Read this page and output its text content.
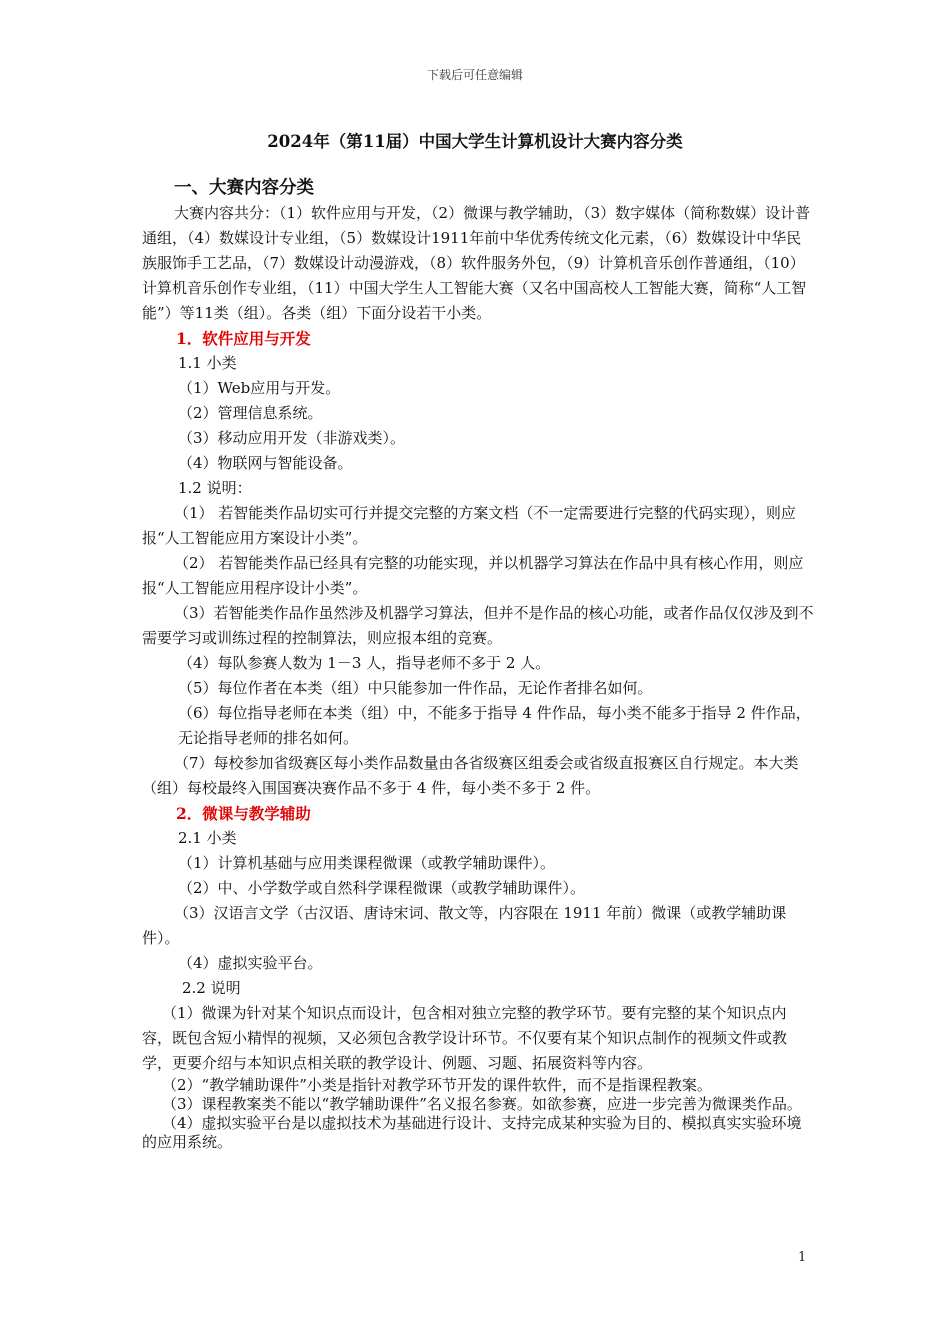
下载后可任意编辑
2024年（第11届）中国大学生计算机设计大赛内容分类
一、大赛内容分类

大赛内容共分：（1）软件应用与开发，（2）微课与教学辅助，（3）数字媒体（简称数媒）设计普通组，（4）数媒设计专业组，（5）数媒设计1911年前中华优秀传统文化元素，（6）数媒设计中华民族服饰手工艺品，（7）数媒设计动漫游戏，（8）软件服务外包，（9）计算机音乐创作普通组，（10）计算机音乐创作专业组，（11）中国大学生人工智能大赛（又名中国高校人工智能大赛，简称“人工智能”）等11类（组）。各类（组）下面分设若干小类。

1．软件应用与开发

1.1 小类

（1）Web应用与开发。

（2）管理信息系统。

（3）移动应用开发（非游戏类）。

（4）物联网与智能设备。

1.2 说明：

（1） 若智能类作品切实可行并提交完整的方案文档（不一定需要进行完整的代码实现），则应报“人工智能应用方案设计小类”。

（2） 若智能类作品已经具有完整的功能实现，并以机器学习算法在作品中具有核心作用，则应报“人工智能应用程序设计小类”。

（3）若智能类作品作虽然涉及机器学习算法，但并不是作品的核心功能，或者作品仅仅涉及到不需要学习或训练过程的控制算法，则应报本组的竞赛。

（4）每队参赛人数为 1－3 人，指导老师不多于 2 人。

（5）每位作者在本类（组）中只能参加一件作品，无论作者排名如何。

（6）每位指导老师在本类（组）中，不能多于指导 4 件作品，每小类不能多于指导 2 件作品，无论指导老师的排名如何。

（7）每校参加省级赛区每小类作品数量由各省级赛区组委会或省级直报赛区自行规定。本大类（组）每校最终入围国赛决赛作品不多于 4 件，每小类不多于 2 件。

2．微课与教学辅助

2.1 小类

（1）计算机基础与应用类课程微课（或教学辅助课件）。

（2）中、小学数学或自然科学课程微课（或教学辅助课件）。

（3）汉语言文学（古汉语、唐诗宋词、散文等，内容限在 1911 年前）微课（或教学辅助课件）。

（4）虚拟实验平台。

2.2 说明

（1）微课为针对某个知识点而设计，包含相对独立完整的教学环节。要有完整的某个知识点内容，既包含短小精悍的视频，又必须包含教学设计环节。不仅要有某个知识点制作的视频文件或教学，更要介绍与本知识点相关联的教学设计、例题、习题、拓展资料等内容。

（2）“教学辅助课件”小类是指针对教学环节开发的课件软件，而不是指课程教案。

（3）课程教案类不能以“教学辅助课件”名义报名参赛。如欲参赛，应进一步完善为微课类作品。

（4）虚拟实验平台是以虚拟技术为基础进行设计、支持完成某种实验为目的、模拟真实实验环境的应用系统。

1
